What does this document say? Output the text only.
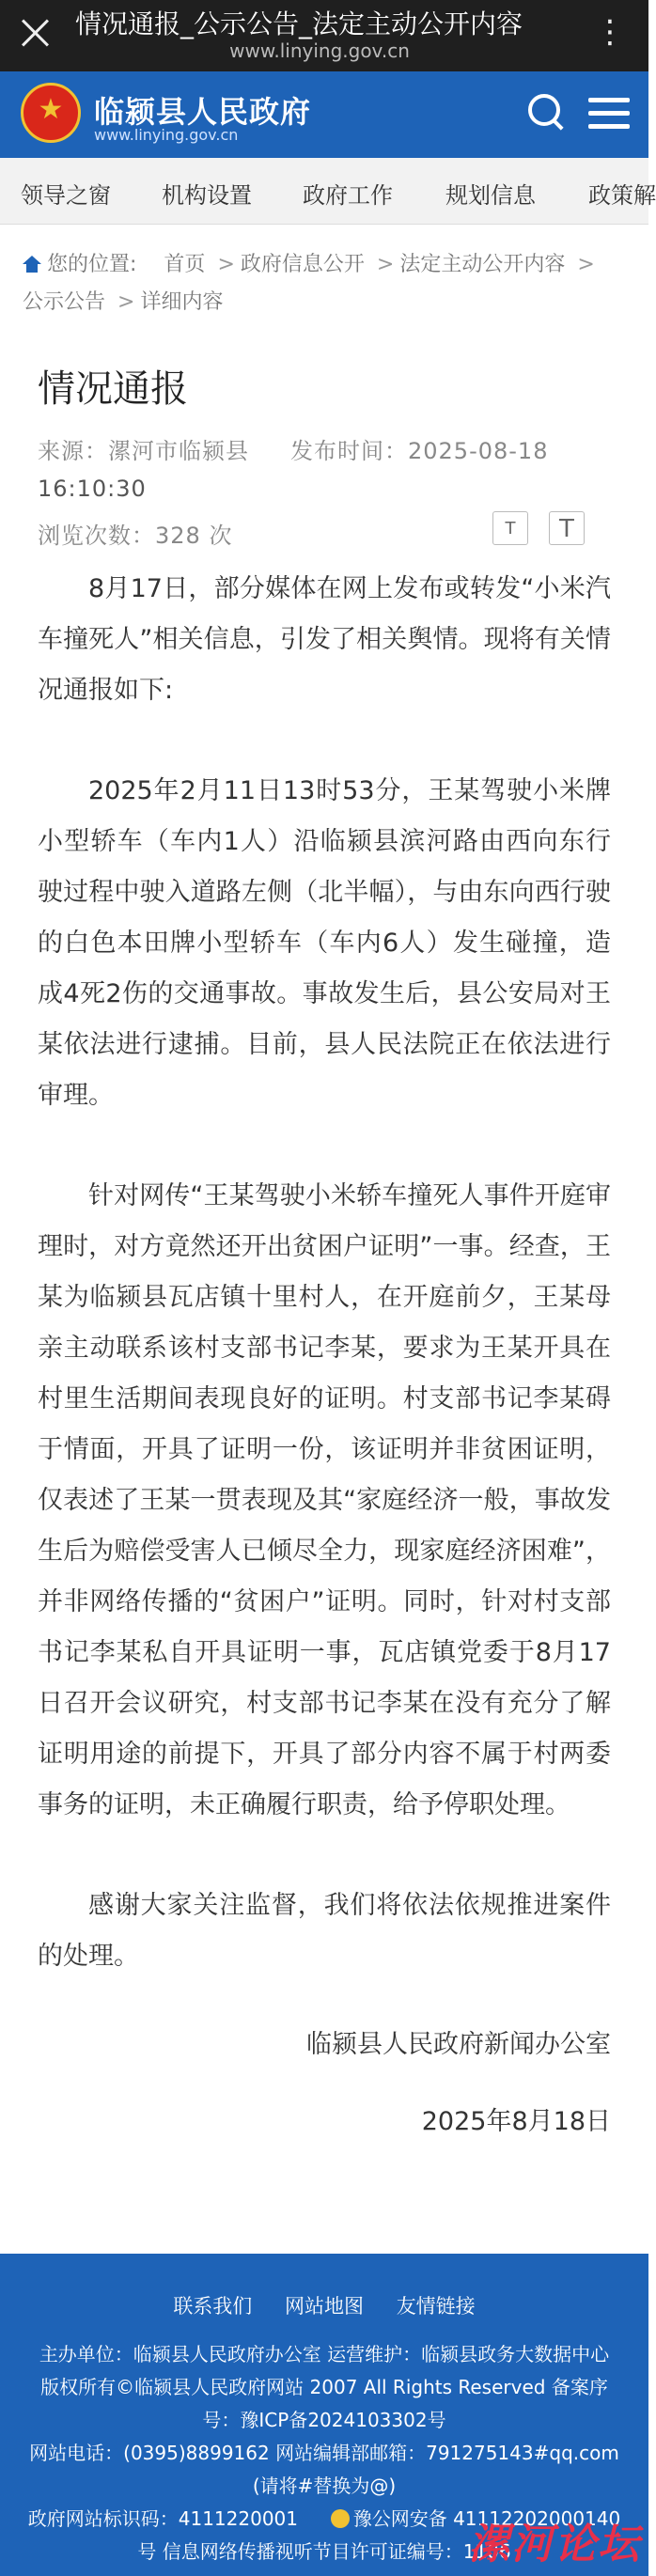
情况通报_公示公告_法定主动公开内容
www.linying.gov.cn	⋮
★
临颍县人民政府
www.linying.gov.cn
领导之窗 机构设置 政府工作 规划信息 政策解
您的位置: 首页 > 政府信息公开 > 法定主动公开内容 >
公示公告 > 详细内容
情况通报
来源：漯河市临颍县 发布时间：2025-08-18
16:10:30
浏览次数：328 次	T	T

8月17日，部分媒体在网上发布或转发“小米汽车撞死人”相关信息，引发了相关舆情。现将有关情况通报如下:

2025年2月11日13时53分，王某驾驶小米牌小型轿车（车内1人）沿临颍县滨河路由西向东行驶过程中驶入道路左侧（北半幅），与由东向西行驶的白色本田牌小型轿车（车内6人）发生碰撞，造成4死2伤的交通事故。事故发生后，县公安局对王某依法进行逮捕。目前，县人民法院正在依法进行审理。

针对网传“王某驾驶小米轿车撞死人事件开庭审理时，对方竟然还开出贫困户证明”一事。经查，王某为临颍县瓦店镇十里村人，在开庭前夕，王某母亲主动联系该村支部书记李某，要求为王某开具在村里生活期间表现良好的证明。村支部书记李某碍于情面，开具了证明一份，该证明并非贫困证明，仅表述了王某一贯表现及其“家庭经济一般，事故发生后为赔偿受害人已倾尽全力，现家庭经济困难”，并非网络传播的“贫困户”证明。同时，针对村支部书记李某私自开具证明一事，瓦店镇党委于8月17日召开会议研究，村支部书记李某在没有充分了解证明用途的前提下，开具了部分内容不属于村两委事务的证明，未正确履行职责，给予停职处理。

感谢大家关注监督，我们将依法依规推进案件的处理。

临颍县人民政府新闻办公室
2025年8月18日
联系我们 网站地图 友情链接
主办单位：临颍县人民政府办公室 运营维护：临颍县政务大数据中心
版权所有©临颍县人民政府网站 2007 All Rights Reserved 备案序
号：豫ICP备2024103302号
网站电话：(0395)8899162 网站编辑部邮箱：791275143#qq.com
(请将#替换为@)
政府网站标识码：4111220001	豫公网安备 41112202000140
号 信息网络传播视听节目许可证编号：1106
漯河论坛
